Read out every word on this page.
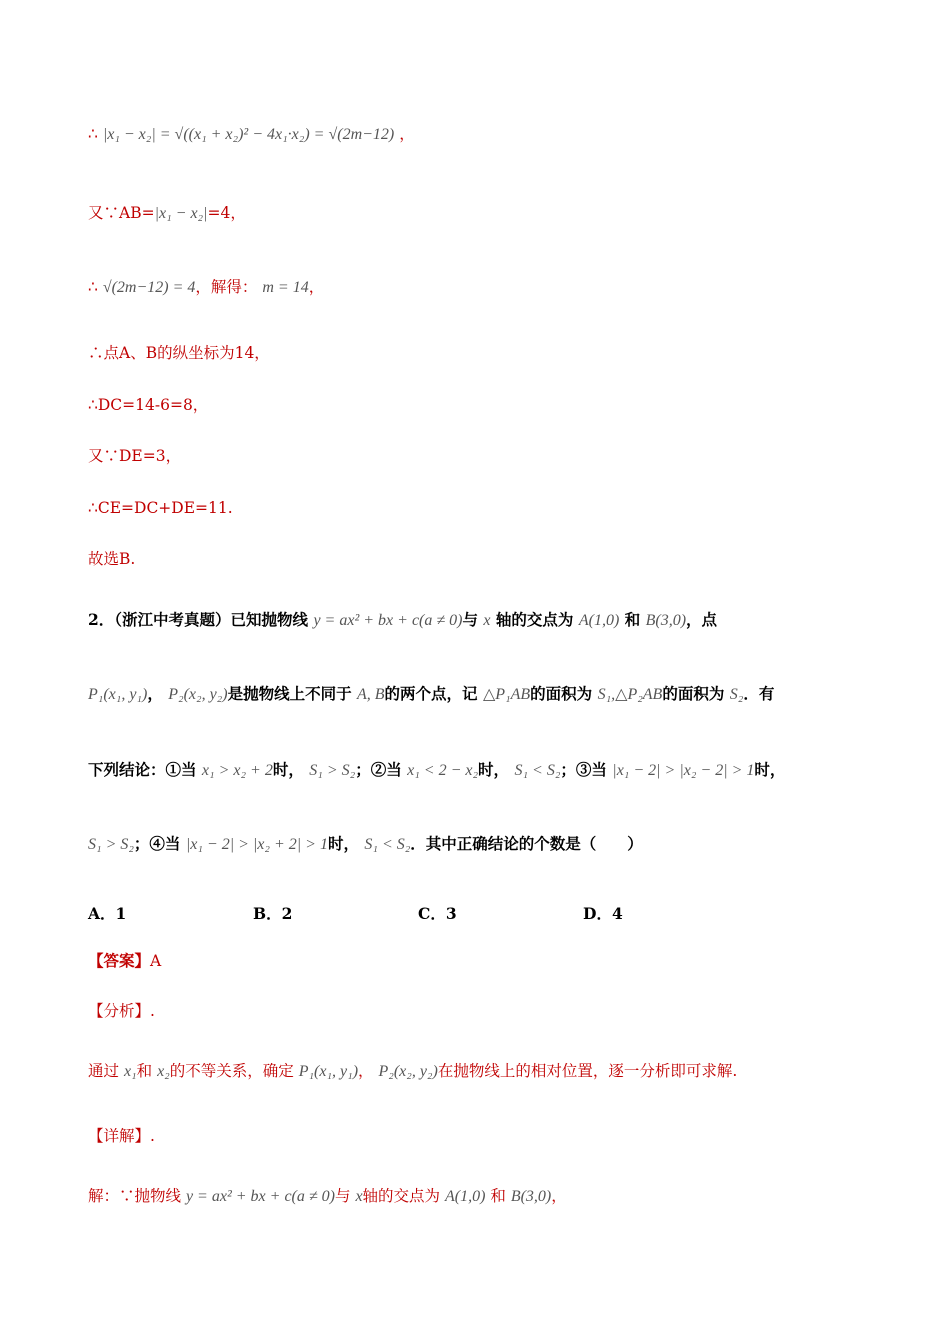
∴ |x₁ − x₂| = √((x₁ + x₂)² − 4x₁·x₂) = √(2m−12) ，
又∵AB=|x₁ − x₂|=4，
∴ √(2m−12) = 4，解得： m = 14，
∴点A、B的纵坐标为14，
∴DC=14-6=8，
又∵DE=3，
∴CE=DC+DE=11.
故选B.
2．（浙江中考真题）已知抛物线 y = ax² + bx + c(a ≠ 0)与 x 轴的交点为 A(1,0) 和 B(3,0)，点
P₁(x₁, y₁)， P₂(x₂, y₂)是抛物线上不同于 A, B的两个点，记 △P₁AB的面积为 S₁,△P₂AB的面积为 S₂．有
下列结论：①当 x₁ > x₂ + 2时， S₁ > S₂；②当 x₁ < 2 − x₂时， S₁ < S₂；③当 |x₁ − 2| > |x₂ − 2| > 1时，
S₁ > S₂；④当 |x₁ − 2| > |x₂ + 2| > 1时， S₁ < S₂．其中正确结论的个数是（　　）
A．1	B．2	C．3	D．4
【答案】A
【分析】.
通过 x₁和 x₂的不等关系，确定 P₁(x₁, y₁)， P₂(x₂, y₂)在抛物线上的相对位置，逐一分析即可求解.
【详解】.
解：∵抛物线 y = ax² + bx + c(a ≠ 0)与 x轴的交点为 A(1,0) 和 B(3,0)，
